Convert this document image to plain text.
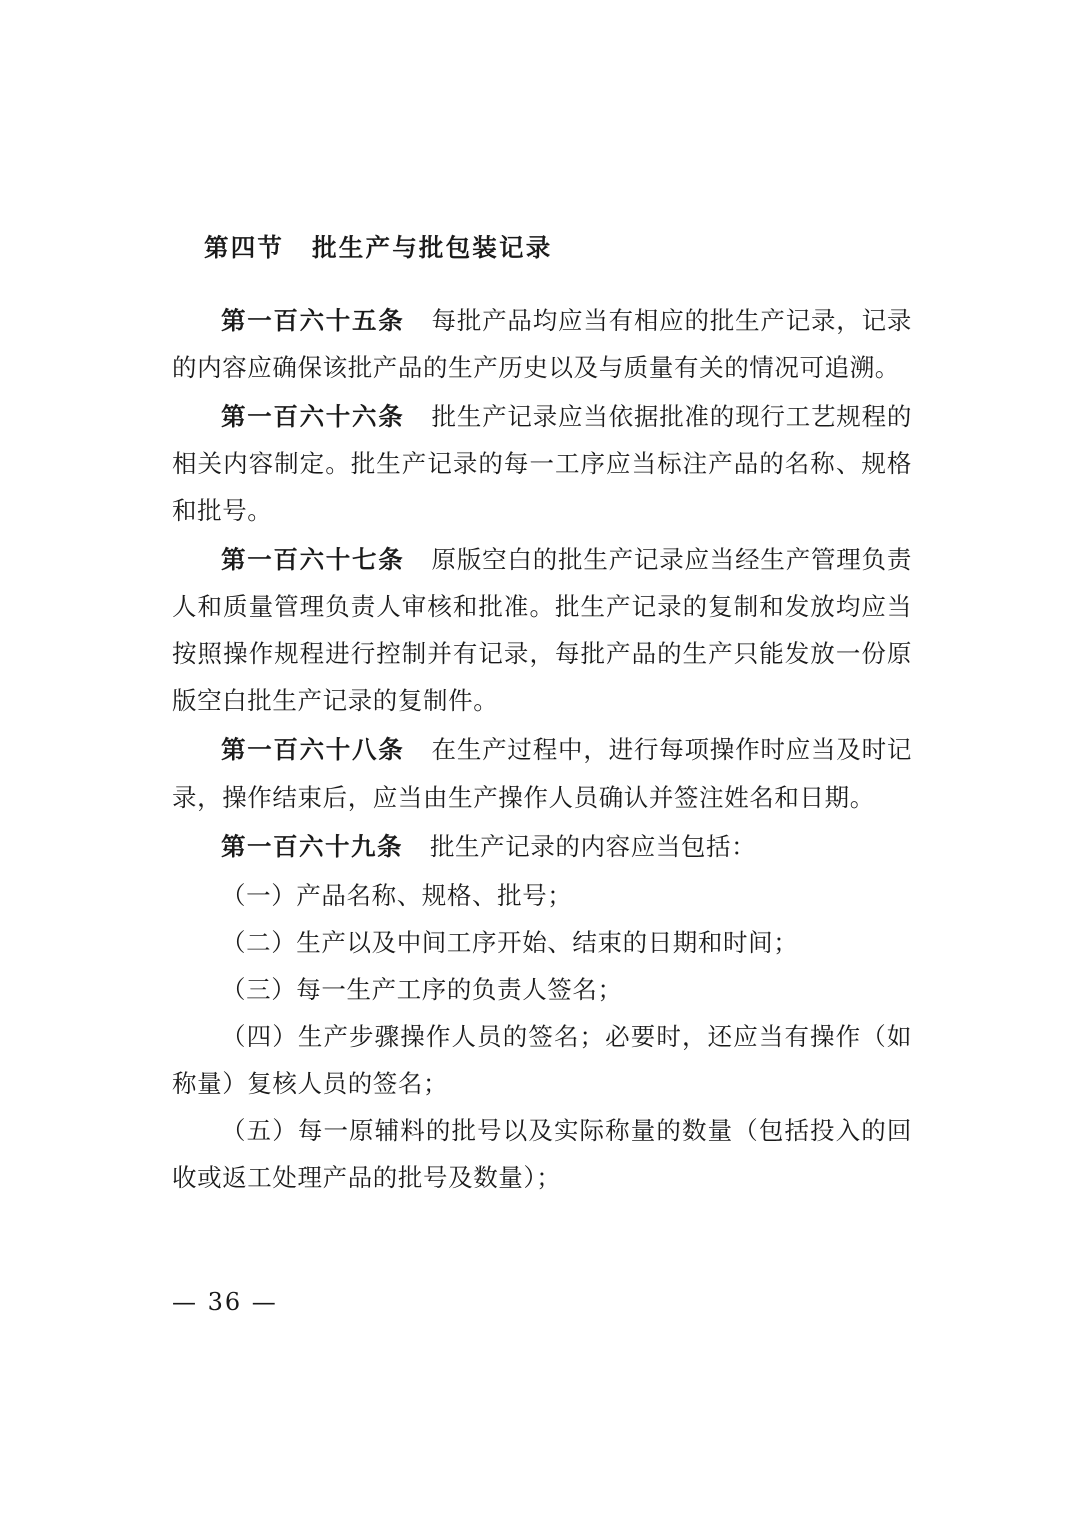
第四节 批生产与批包装记录

第一百六十五条 每批产品均应当有相应的批生产记录，记录的内容应确保该批产品的生产历史以及与质量有关的情况可追溯。

第一百六十六条 批生产记录应当依据批准的现行工艺规程的相关内容制定。批生产记录的每一工序应当标注产品的名称、规格和批号。

第一百六十七条 原版空白的批生产记录应当经生产管理负责人和质量管理负责人审核和批准。批生产记录的复制和发放均应当按照操作规程进行控制并有记录，每批产品的生产只能发放一份原版空白批生产记录的复制件。

第一百六十八条 在生产过程中，进行每项操作时应当及时记录，操作结束后，应当由生产操作人员确认并签注姓名和日期。

第一百六十九条 批生产记录的内容应当包括：

（一）产品名称、规格、批号；

（二）生产以及中间工序开始、结束的日期和时间；

（三）每一生产工序的负责人签名；

（四）生产步骤操作人员的签名；必要时，还应当有操作（如称量）复核人员的签名；

（五）每一原辅料的批号以及实际称量的数量（包括投入的回收或返工处理产品的批号及数量）；

— 36 —
